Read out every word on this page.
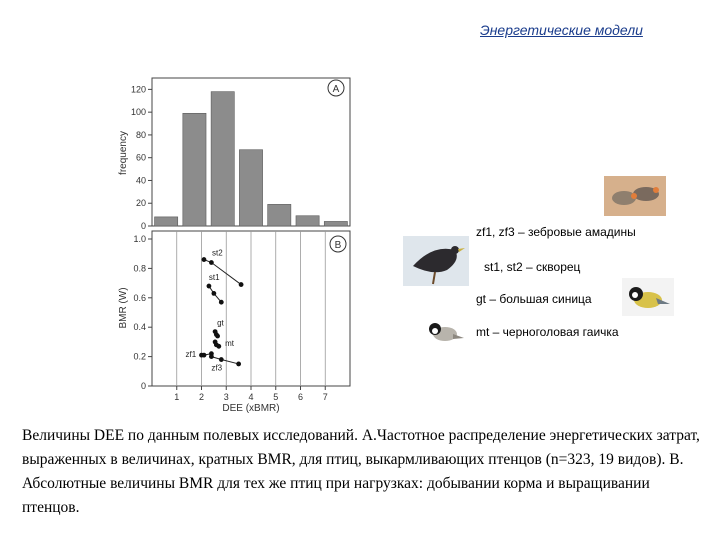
Энергетические модели
0
20
40
60
80
100
120	A
frequency
0
0.2
0.4
0.6
0.8
1.0
1 2 3 4 5 6 7
B
BMR (W)
DEE (xBMR)
st2
st1
gt
mt
zf1
zf3
zf1, zf3 – зебровые амадины
st1, st2 – скворец
gt – большая синица
mt – черноголовая гаичка
Величины DEE по данным полевых исследований. А.Частотное распределение энергетических затрат, выраженных в величинах, кратных BMR, для птиц, выкармливающих птенцов (n=323, 19 видов). В. Абсолютные величины BMR для тех же птиц при нагрузках: добывании корма и выращивании птенцов.
